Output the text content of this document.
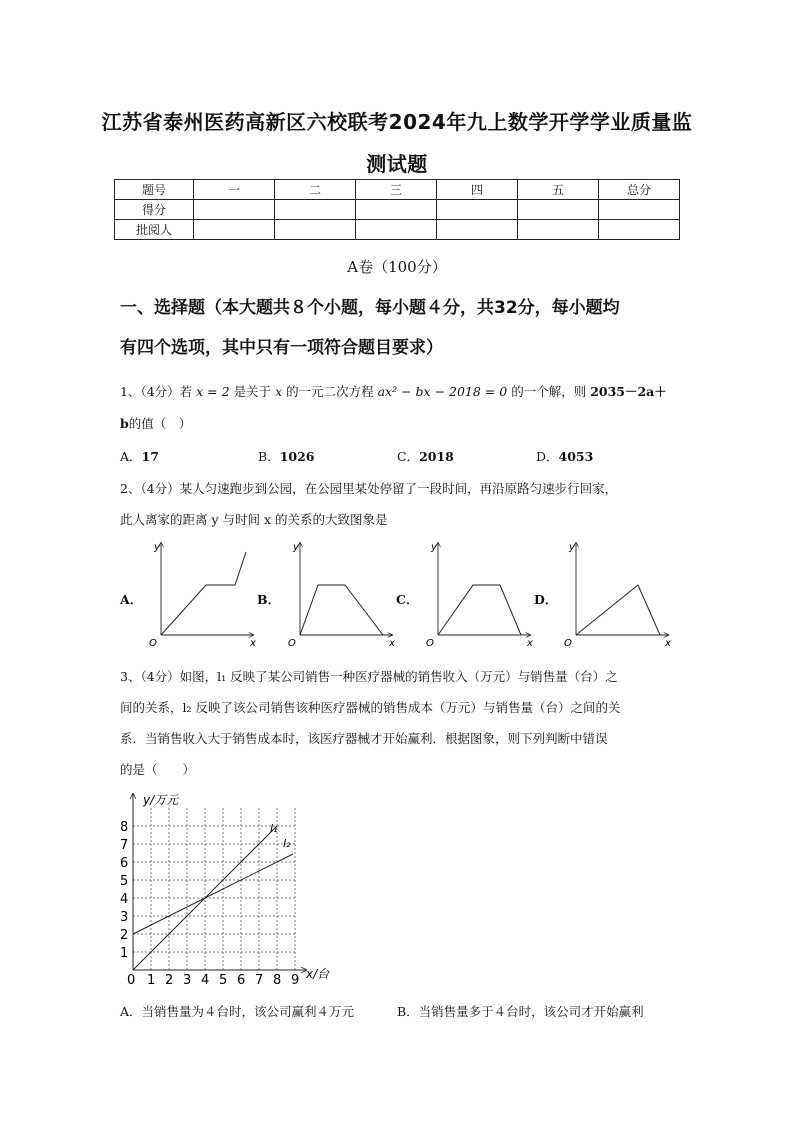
江苏省泰州医药高新区六校联考2024年九上数学开学学业质量监
测试题
题号	一	二	三	四	五	总分
得分						
批阅人						
A卷（100分）
一、选择题（本大题共８个小题，每小题４分，共32分，每小题均
有四个选项，其中只有一项符合题目要求）
1、（4分）若 x = 2 是关于 x 的一元二次方程 ax² − bx − 2018 = 0 的一个解，则 2035－2a＋
b的值（　）
A．17	B．1026	C．2018	D．4053
2、（4分）某人匀速跑步到公园，在公园里某处停留了一段时间，再沿原路匀速步行回家，
此人离家的距离 y 与时间 x 的关系的大致图象是
A．	B．	C．	D．
y
x
O
y
x
O
y
x
O
y
x
O
3、（4分）如图，l₁ 反映了某公司销售一种医疗器械的销售收入（万元）与销售量（台）之
间的关系，l₂ 反映了该公司销售该种医疗器械的销售成本（万元）与销售量（台）之间的关
系．当销售收入大于销售成本时，该医疗器械才开始赢利．根据图象，则下列判断中错误
的是（　　）
y/万元
x/台
l₁
l₂
0
1
2
3
4
5
6
7
8
1 2 3 4 5 6 7 8 9
A．当销售量为４台时，该公司赢利４万元	B．当销售量多于４台时，该公司才开始赢利
